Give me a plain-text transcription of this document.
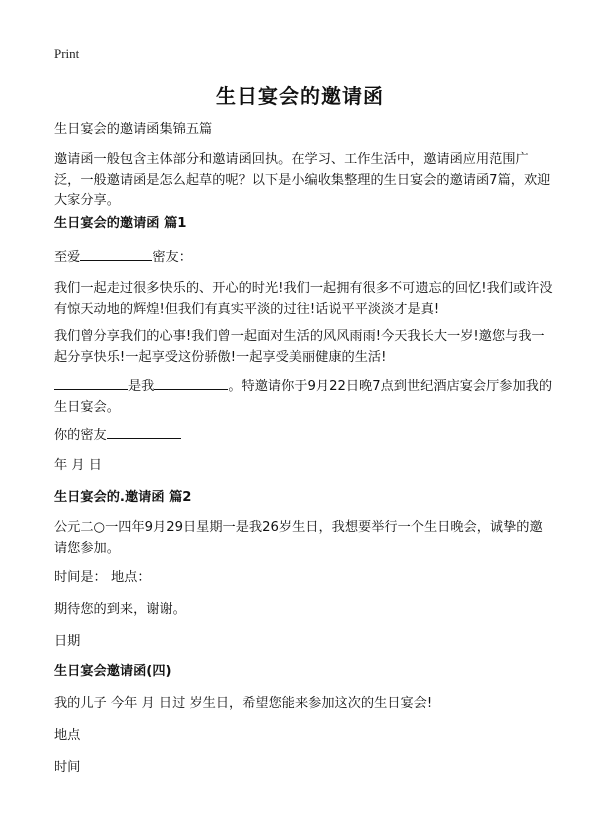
Print
生日宴会的邀请函

生日宴会的邀请函集锦五篇

邀请函一般包含主体部分和邀请函回执。在学习、工作生活中，邀请函应用范围广泛，一般邀请函是怎么起草的呢？以下是小编收集整理的生日宴会的邀请函7篇，欢迎大家分享。

生日宴会的邀请函 篇1

至爱	密友：

我们一起走过很多快乐的、开心的时光!我们一起拥有很多不可遗忘的回忆!我们或许没有惊天动地的辉煌!但我们有真实平淡的过往!话说平平淡淡才是真!

我们曾分享我们的心事!我们曾一起面对生活的风风雨雨!今天我长大一岁!邀您与我一起分享快乐!一起享受这份骄傲!一起享受美丽健康的生活!

是我	。特邀请你于9月22日晚7点到世纪酒店宴会厅参加我的生日宴会。

你的密友

年 月 日

生日宴会的.邀请函 篇2

公元二○一四年9月29日星期一是我26岁生日，我想要举行一个生日晚会，诚挚的邀请您参加。

时间是： 地点：

期待您的到来，谢谢。

日期

生日宴会邀请函(四)

我的儿子 今年 月 日过 岁生日，希望您能来参加这次的生日宴会!

地点

时间
